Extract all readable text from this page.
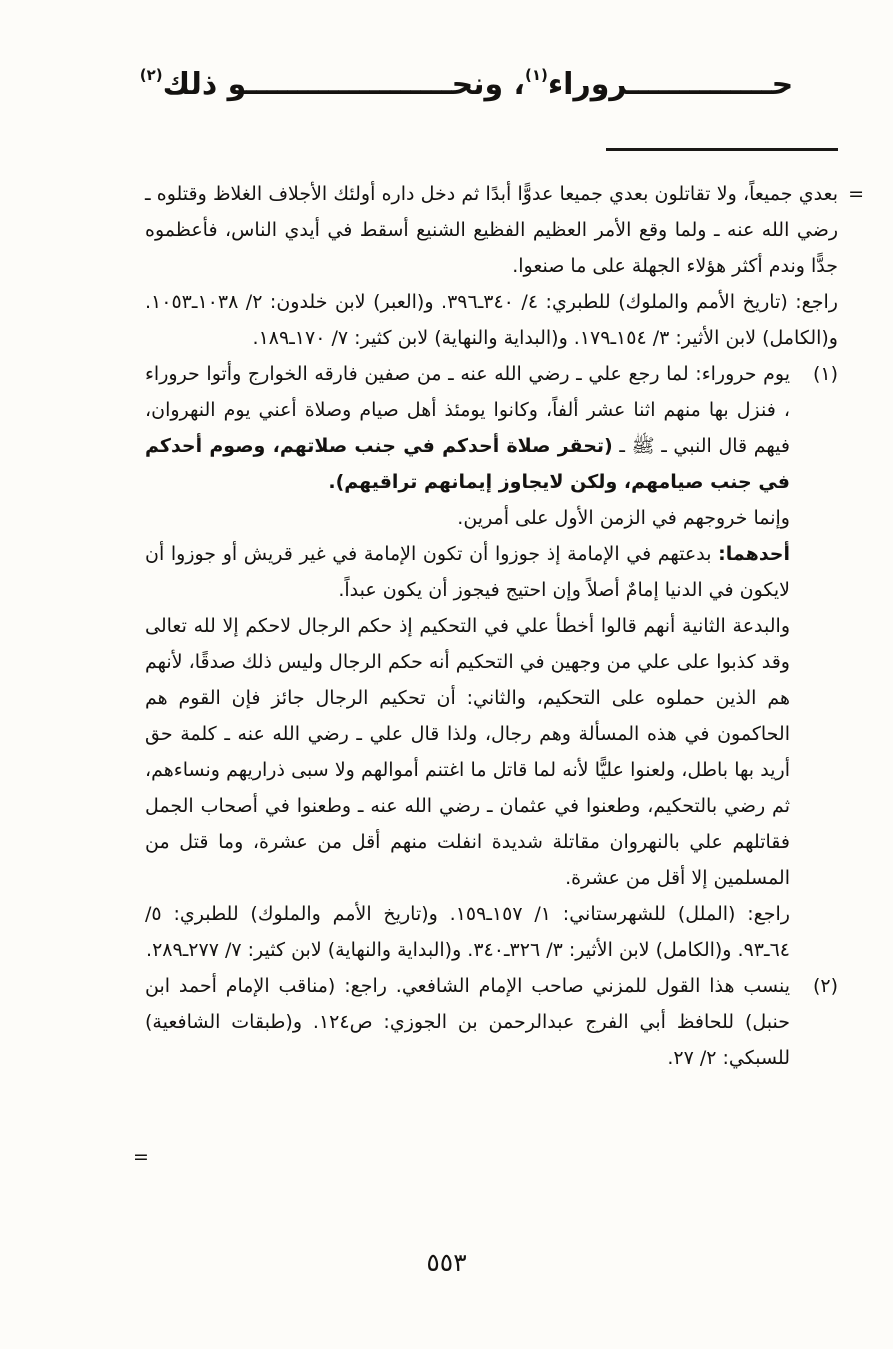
حــــــــــــــروراء$^{(١)}$، ونحــــــــــــــــــــو ذلك$^{(٢)}$
=

بعدي جميعاً، ولا تقاتلون بعدي جميعا عدوًّا أبدًا ثم دخل داره أولئك الأجلاف الغلاظ وقتلوه ـ رضي الله عنه ـ ولما وقع الأمر العظيم الفظيع الشنيع أسقط في أيدي الناس، فأعظموه جدًّا وندم أكثر هؤلاء الجهلة على ما صنعوا.

راجع: (تاريخ الأمم والملوك) للطبري: ٤/ ٣٤٠ـ٣٩٦. و(العبر) لابن خلدون: ٢/ ١٠٣٨ـ١٠٥٣. و(الكامل) لابن الأثير: ٣/ ١٥٤ـ١٧٩. و(البداية والنهاية) لابن كثير: ٧/ ١٧٠ـ١٨٩.

(١)

يوم حروراء: لما رجع علي ـ رضي الله عنه ـ من صفين فارقه الخوارج وأتوا حروراء ، فنزل بها منهم اثنا عشر ألفاً، وكانوا يومئذ أهل صيام وصلاة أعني يوم النهروان، فيهم قال النبي ـ ﷺ ـ (تحقر صلاة أحدكم في جنب صلاتهم، وصوم أحدكم في جنب صيامهم، ولكن لايجاوز إيمانهم تراقيهم).

وإنما خروجهم في الزمن الأول على أمرين.

أحدهما: بدعتهم في الإمامة إذ جوزوا أن تكون الإمامة في غير قريش أو جوزوا أن لايكون في الدنيا إمامٌ أصلاً وإن احتيج فيجوز أن يكون عبداً.

والبدعة الثانية أنهم قالوا أخطأ علي في التحكيم إذ حكم الرجال لاحكم إلا لله تعالى وقد كذبوا على علي من وجهين في التحكيم أنه حكم الرجال وليس ذلك صدقًا، لأنهم هم الذين حملوه على التحكيم، والثاني: أن تحكيم الرجال جائز فإن القوم هم الحاكمون في هذه المسألة وهم رجال، ولذا قال علي ـ رضي الله عنه ـ كلمة حق أريد بها باطل، ولعنوا عليًّا لأنه لما قاتل ما اغتنم أموالهم ولا سبى ذراريهم ونساءهم، ثم رضي بالتحكيم، وطعنوا في عثمان ـ رضي الله عنه ـ وطعنوا في أصحاب الجمل فقاتلهم علي بالنهروان مقاتلة شديدة انفلت منهم أقل من عشرة، وما قتل من المسلمين إلا أقل من عشرة.

راجع: (الملل) للشهرستاني: ١/ ١٥٧ـ١٥٩. و(تاريخ الأمم والملوك) للطبري: ٥/ ٦٤ـ٩٣. و(الكامل) لابن الأثير: ٣/ ٣٢٦ـ٣٤٠. و(البداية والنهاية) لابن كثير: ٧/ ٢٧٧ـ٢٨٩.

(٢)

ينسب هذا القول للمزني صاحب الإمام الشافعي. راجع: (مناقب الإمام أحمد ابن حنبل) للحافظ أبي الفرج عبدالرحمن بن الجوزي: ص١٢٤. و(طبقات الشافعية) للسبكي: ٢/ ٢٧.

=
٥٥٣
